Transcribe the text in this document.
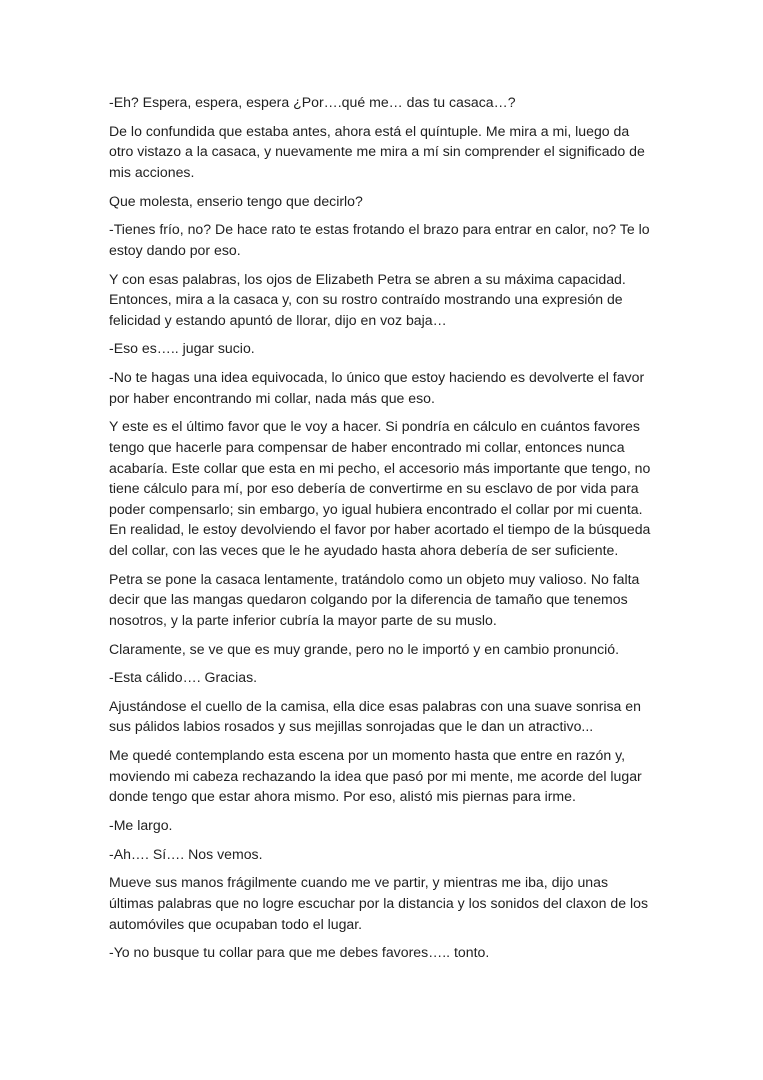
-Eh? Espera, espera, espera ¿Por….qué me… das tu casaca…?

De lo confundida que estaba antes, ahora está el quíntuple. Me mira a mi, luego da otro vistazo a la casaca, y nuevamente me mira a mí sin comprender el significado de mis acciones.

Que molesta, enserio tengo que decirlo?

-Tienes frío, no? De hace rato te estas frotando el brazo para entrar en calor, no? Te lo estoy dando por eso.

Y con esas palabras, los ojos de Elizabeth Petra se abren a su máxima capacidad. Entonces, mira a la casaca y, con su rostro contraído mostrando una expresión de felicidad y estando apuntó de llorar, dijo en voz baja…

-Eso es….. jugar sucio.

-No te hagas una idea equivocada, lo único que estoy haciendo es devolverte el favor por haber encontrando mi collar, nada más que eso.

Y este es el último favor que le voy a hacer. Si pondría en cálculo en cuántos favores tengo que hacerle para compensar de haber encontrado mi collar, entonces nunca acabaría. Este collar que esta en mi pecho, el accesorio más importante que tengo, no tiene cálculo para mí, por eso debería de convertirme en su esclavo de por vida para poder compensarlo; sin embargo, yo igual hubiera encontrado el collar por mi cuenta. En realidad, le estoy devolviendo el favor por haber acortado el tiempo de la búsqueda del collar, con las veces que le he ayudado hasta ahora debería de ser suficiente.

Petra se pone la casaca lentamente, tratándolo como un objeto muy valioso. No falta decir que las mangas quedaron colgando por la diferencia de tamaño que tenemos nosotros, y la parte inferior cubría la mayor parte de su muslo.

Claramente, se ve que es muy grande, pero no le importó y en cambio pronunció.

-Esta cálido…. Gracias.

Ajustándose el cuello de la camisa, ella dice esas palabras con una suave sonrisa en sus pálidos labios rosados y sus mejillas sonrojadas que le dan un atractivo...

Me quedé contemplando esta escena por un momento hasta que entre en razón y, moviendo mi cabeza rechazando la idea que pasó por mi mente, me acorde del lugar donde tengo que estar ahora mismo. Por eso, alistó mis piernas para irme.

-Me largo.

-Ah…. Sí…. Nos vemos.

Mueve sus manos frágilmente cuando me ve partir, y mientras me iba, dijo unas últimas palabras que no logre escuchar por la distancia y los sonidos del claxon de los automóviles que ocupaban todo el lugar.

-Yo no busque tu collar para que me debes favores….. tonto.
